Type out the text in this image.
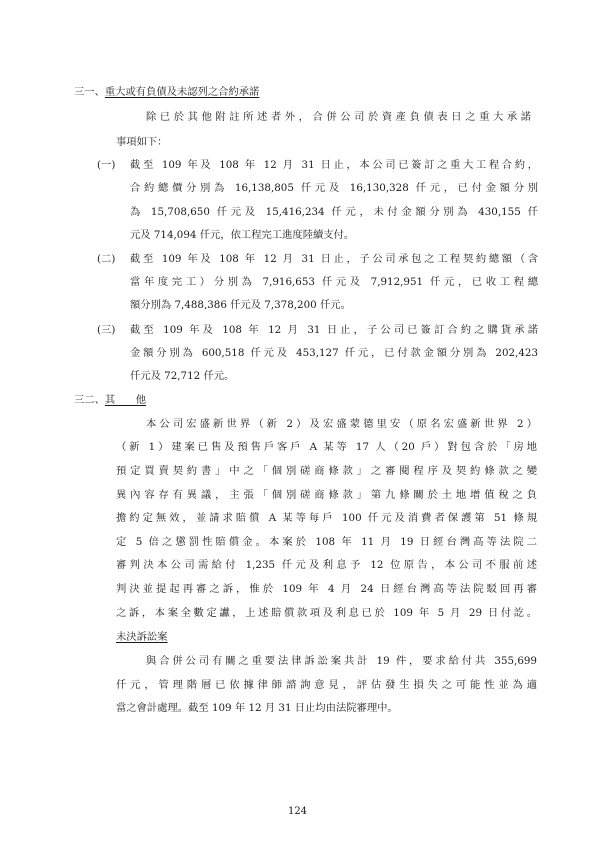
三一、重大或有負債及未認列之合約承諾
除已於其他附註所述者外，合併公司於資產負債表日之重大承諾
事項如下：
(一) 截至 109 年及 108 年 12 月 31 日止，本公司已簽訂之重大工程合約，
合約總價分別為 16,138,805 仟元及 16,130,328 仟元，已付金額分別
為 15,708,650 仟元及 15,416,234 仟元，未付金額分別為 430,155 仟
元及 714,094 仟元，依工程完工進度陸續支付。
(二) 截至 109 年及 108 年 12 月 31 日止，子公司承包之工程契約總額（含
當年度完工）分別為 7,916,653 仟元及 7,912,951 仟元，已收工程總
額分別為 7,488,386 仟元及 7,378,200 仟元。
(三) 截至 109 年及 108 年 12 月 31 日止，子公司已簽訂合約之購貨承諾
金額分別為 600,518 仟元及 453,127 仟元，已付款金額分別為 202,423
仟元及 72,712 仟元。
三二、其　　他
本公司宏盛新世界（新 2）及宏盛蒙德里安（原名宏盛新世界 2）
（新 1）建案已售及預售戶客戶 A 某等 17 人（20 戶）對包含於「房地
預定買賣契約書」中之「個別磋商條款」之審閱程序及契約條款之變
異內容存有異議，主張「個別磋商條款」第九條關於土地增值稅之負
擔約定無效，並請求賠償 A 某等每戶 100 仟元及消費者保護第 51 條規
定 5 倍之懲罰性賠償金。本案於 108 年 11 月 19 日經台灣高等法院二
審判決本公司需給付 1,235 仟元及利息予 12 位原告，本公司不服前述
判決並提起再審之訴，惟於 109 年 4 月 24 日經台灣高等法院駁回再審
之訴，本案全數定讞，上述賠償款項及利息已於 109 年 5 月 29 日付訖。
未決訴訟案
與合併公司有關之重要法律訴訟案共計 19 件，要求給付共 355,699
仟元，管理階層已依據律師諮詢意見，評估發生損失之可能性並為適
當之會計處理。截至 109 年 12 月 31 日止均由法院審理中。
124
